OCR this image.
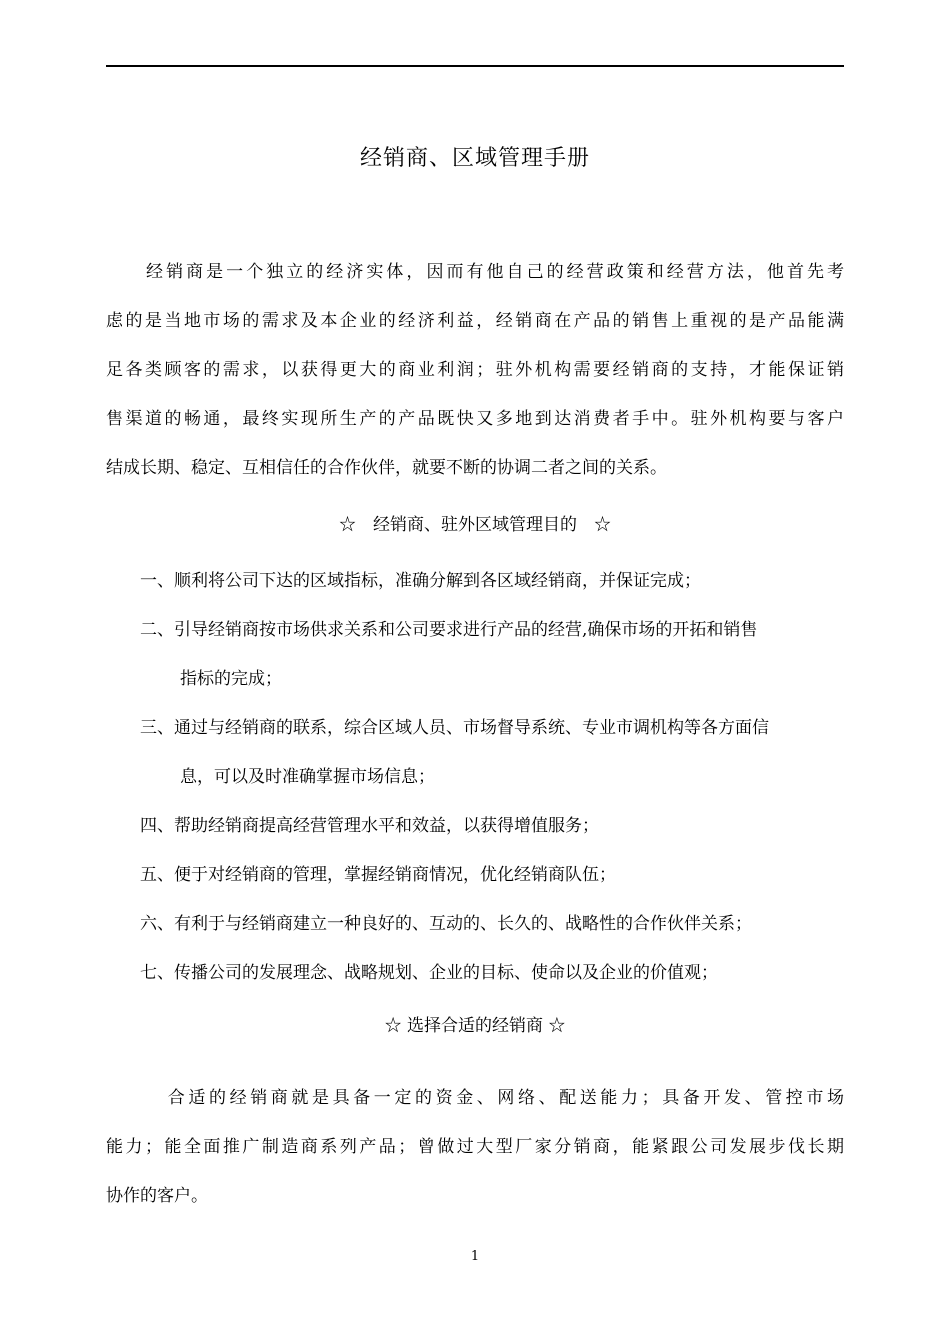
经销商、区域管理手册
　　经销商是一个独立的经济实体，因而有他自己的经营政策和经营方法，他首先考
虑的是当地市场的需求及本企业的经济利益，经销商在产品的销售上重视的是产品能满
足各类顾客的需求，以获得更大的商业利润；驻外机构需要经销商的支持，才能保证销
售渠道的畅通，最终实现所生产的产品既快又多地到达消费者手中。驻外机构要与客户
结成长期、稳定、互相信任的合作伙伴，就要不断的协调二者之间的关系。
☆　经销商、驻外区域管理目的　☆
一、顺利将公司下达的区域指标，准确分解到各区域经销商，并保证完成；
二、引导经销商按市场供求关系和公司要求进行产品的经营,确保市场的开拓和销售
指标的完成；
三、通过与经销商的联系，综合区域人员、市场督导系统、专业市调机构等各方面信
息，可以及时准确掌握市场信息；
四、帮助经销商提高经营管理水平和效益，以获得增值服务；
五、便于对经销商的管理，掌握经销商情况，优化经销商队伍；
六、有利于与经销商建立一种良好的、互动的、长久的、战略性的合作伙伴关系；
七、传播公司的发展理念、战略规划、企业的目标、使命以及企业的价值观；
☆ 选择合适的经销商 ☆
　　　合适的经销商就是具备一定的资金、网络、配送能力；具备开发、管控市场
能力；能全面推广制造商系列产品；曾做过大型厂家分销商，能紧跟公司发展步伐长期
协作的客户。
1
